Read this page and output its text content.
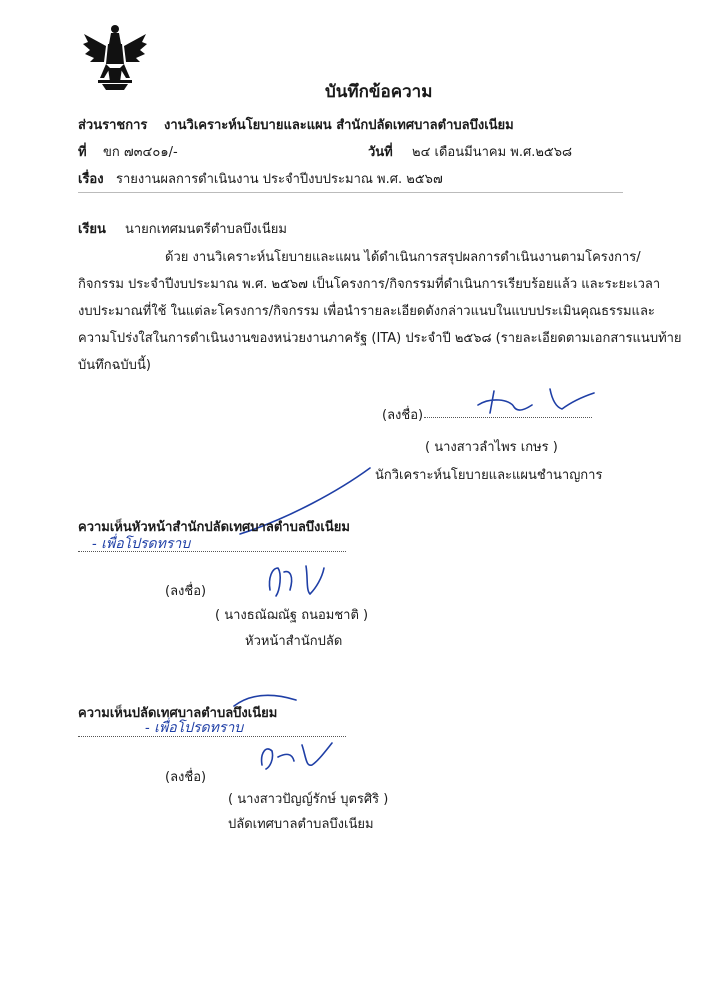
บันทึกข้อความ
ส่วนราชการ งานวิเคราะห์นโยบายและแผน สำนักปลัดเทศบาลตำบลบึงเนียม
ที่ ขก ๗๓๔๐๑/-	วันที่ ๒๔ เดือนมีนาคม พ.ศ.๒๕๖๘
เรื่อง รายงานผลการดำเนินงาน ประจำปีงบประมาณ พ.ศ. ๒๕๖๗
เรียน นายกเทศมนตรีตำบลบึงเนียม
ด้วย งานวิเคราะห์นโยบายและแผน ได้ดำเนินการสรุปผลการดำเนินงานตามโครงการ/
กิจกรรม ประจำปีงบประมาณ พ.ศ. ๒๕๖๗ เป็นโครงการ/กิจกรรมที่ดำเนินการเรียบร้อยแล้ว และระยะเวลา
งบประมาณที่ใช้ ในแต่ละโครงการ/กิจกรรม เพื่อนำรายละเอียดดังกล่าวแนบในแบบประเมินคุณธรรมและ
ความโปร่งใสในการดำเนินงานของหน่วยงานภาครัฐ (ITA) ประจำปี ๒๕๖๘ (รายละเอียดตามเอกสารแนบท้าย
บันทึกฉบับนี้)
(ลงชื่อ)
( นางสาวลำไพร เกษร )
นักวิเคราะห์นโยบายและแผนชำนาญการ
ความเห็นหัวหน้าสำนักปลัดเทศบาลตำบลบึงเนียม
- เพื่อโปรดทราบ
(ลงชื่อ)
( นางธณัฌณัฐ ถนอมชาติ )
หัวหน้าสำนักปลัด
ความเห็นปลัดเทศบาลตำบลบึงเนียม
- เพื่อโปรดทราบ
(ลงชื่อ)
( นางสาวปัญญ์รักษ์ บุตรศิริ )
ปลัดเทศบาลตำบลบึงเนียม
